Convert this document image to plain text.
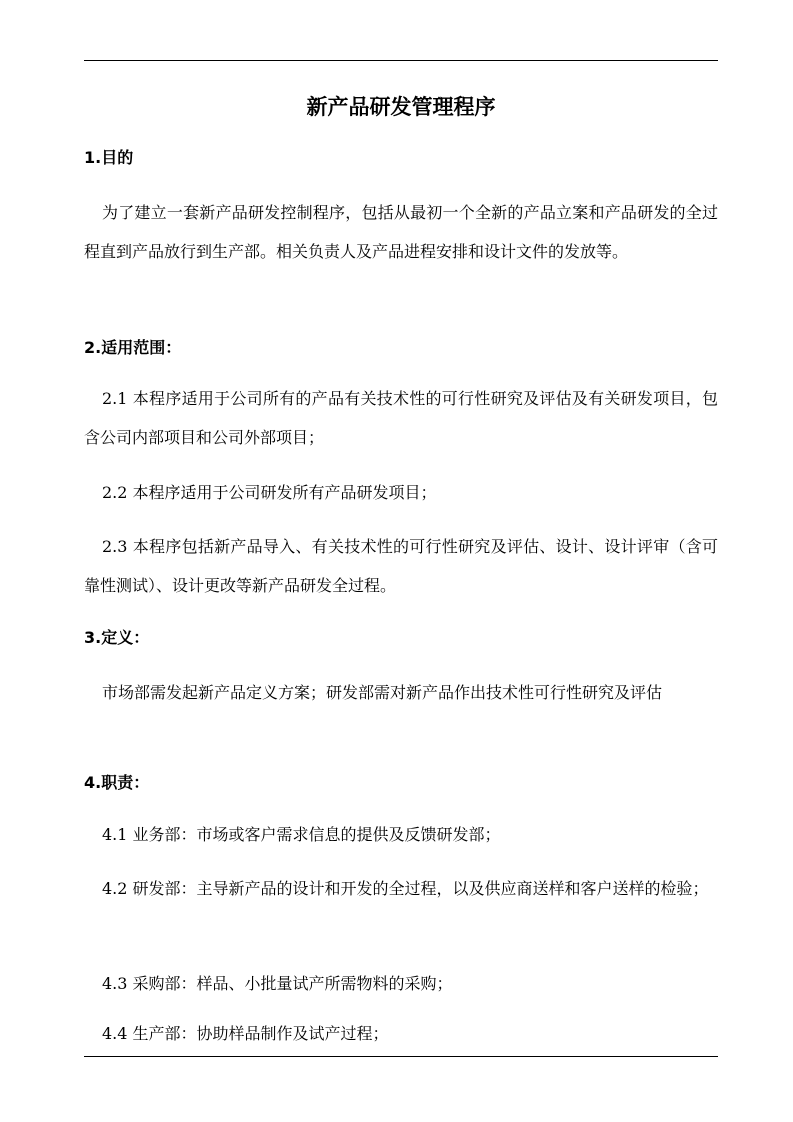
新产品研发管理程序
1.目的

为了建立一套新产品研发控制程序，包括从最初一个全新的产品立案和产品研发的全过程直到产品放行到生产部。相关负责人及产品进程安排和设计文件的发放等。

2.适用范围：

2.1 本程序适用于公司所有的产品有关技术性的可行性研究及评估及有关研发项目，包含公司内部项目和公司外部项目；

2.2 本程序适用于公司研发所有产品研发项目；

2.3 本程序包括新产品导入、有关技术性的可行性研究及评估、设计、设计评审（含可靠性测试）、设计更改等新产品研发全过程。

3.定义：

市场部需发起新产品定义方案；研发部需对新产品作出技术性可行性研究及评估

4.职责：

4.1 业务部：市场或客户需求信息的提供及反馈研发部；

4.2 研发部：主导新产品的设计和开发的全过程，以及供应商送样和客户送样的检验；

4.3 采购部：样品、小批量试产所需物料的采购；

4.4 生产部：协助样品制作及试产过程；
